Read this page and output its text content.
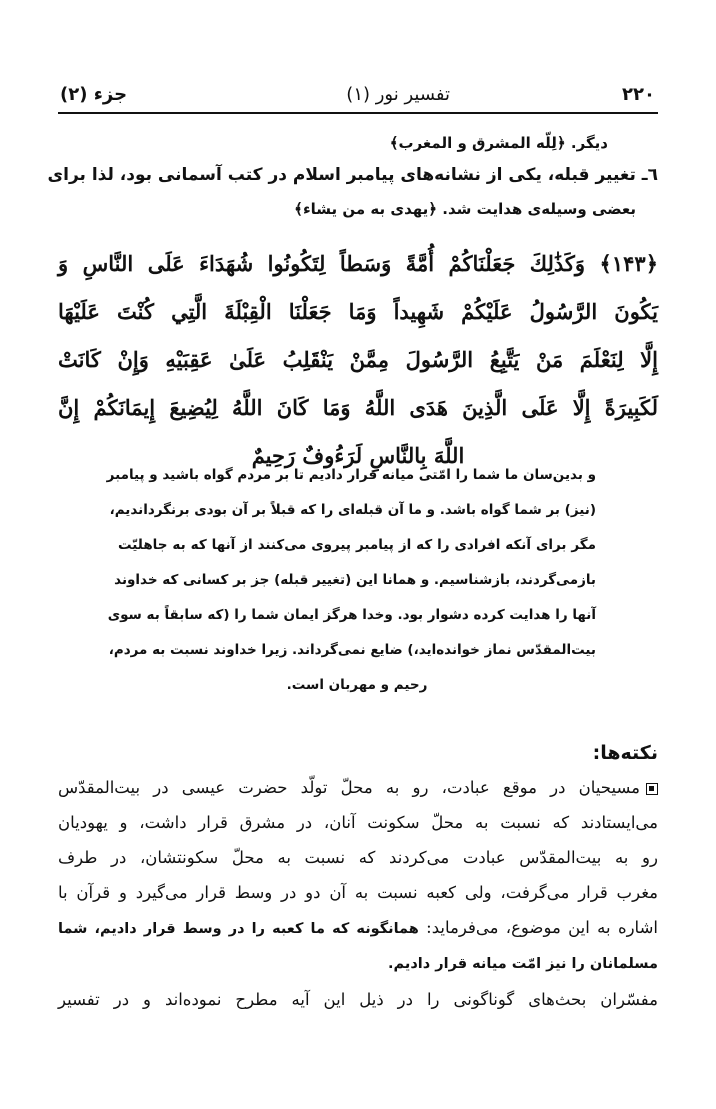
۲۲۰
تفسیر نور (۱)
جزء (۲)
دیگر. ﴿لِلّه المشرق و المغرب﴾
٦ـ تغییر قبله، یکی از نشانه‌های پیامبر اسلام در کتب آسمانی بود، لذا برای
بعضی وسیله‌ی هدایت شد. ﴿یهدی به من یشاء﴾
﴿۱۴۳﴾ وَكَذَٰلِكَ جَعَلْنَاكُمْ أُمَّةً وَسَطاً لِتَكُونُوا شُهَدَاءَ عَلَى النَّاسِ وَ
يَكُونَ الرَّسُولُ عَلَيْكُمْ شَهِيداً وَمَا جَعَلْنَا الْقِبْلَةَ الَّتِي كُنْتَ عَلَيْهَا
إِلَّا لِنَعْلَمَ مَنْ يَتَّبِعُ الرَّسُولَ مِمَّنْ يَنْقَلِبُ عَلَىٰ عَقِبَيْهِ وَإِنْ كَانَتْ
لَكَبِيرَةً إِلَّا عَلَى الَّذِينَ هَدَى اللَّهُ وَمَا كَانَ اللَّهُ لِيُضِيعَ إِيمَانَكُمْ إِنَّ
اللَّهَ بِالنَّاسِ لَرَءُوفٌ رَحِيمٌ
و بدین‌سان ما شما را امّتی میانه قرار دادیم تا بر مردم گواه باشید و پیامبر
(نیز) بر شما گواه باشد. و ما آن قبله‌ای را که قبلاً بر آن بودی برنگرداندیم،
مگر برای آنکه افرادی را که از پیامبر پیروی می‌کنند از آنها که به جاهلیّت
بازمی‌گردند، بازشناسیم. و همانا این (تغییر قبله) جز بر کسانی که خداوند
آنها را هدایت کرده دشوار بود. وخدا هرگز ایمان شما را (که سابقاً به سوی
بیت‌المقدّس نماز خوانده‌اید،) ضایع نمی‌گرداند. زیرا خداوند نسبت به مردم،
رحیم و مهربان است.
نکته‌ها:
مسیحیان در موقع عبادت، رو به محلّ تولّد حضرت عیسی در بیت‌المقدّس
می‌ایستادند که نسبت به محلّ سکونت آنان، در مشرق قرار داشت، و یهودیان
رو به بیت‌المقدّس عبادت می‌کردند که نسبت به محلّ سکونتشان، در طرف
مغرب قرار می‌گرفت، ولی کعبه نسبت به آن دو در وسط قرار می‌گیرد و قرآن با
اشاره به این موضوع، می‌فرماید: همانگونه که ما کعبه را در وسط قرار دادیم، شما
مسلمانان را نیز امّت میانه قرار دادیم.
مفسّران بحث‌های گوناگونی را در ذیل این آیه مطرح نموده‌اند و در تفسیر
